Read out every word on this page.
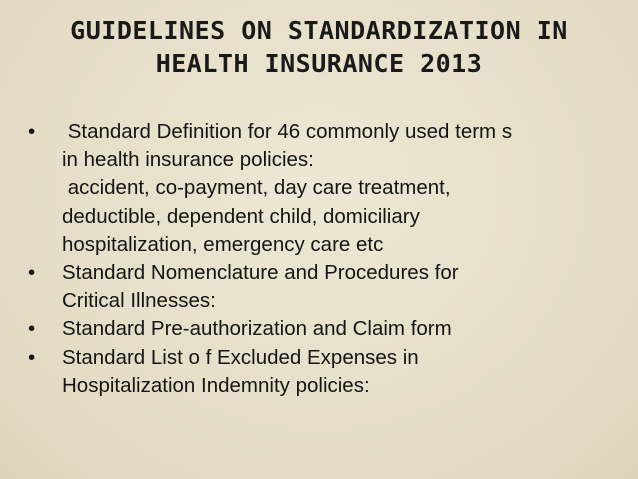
GUIDELINES ON STANDARDIZATION IN
HEALTH INSURANCE 2013
•	Standard Definition for 46 commonly used term s
in health insurance policies:
accident, co-payment, day care treatment,
deductible, dependent child, domiciliary
hospitalization, emergency care etc
•	Standard Nomenclature and Procedures for
Critical Illnesses:
•	Standard Pre-authorization and Claim form
•	Standard List o f Excluded Expenses in
Hospitalization Indemnity policies:
